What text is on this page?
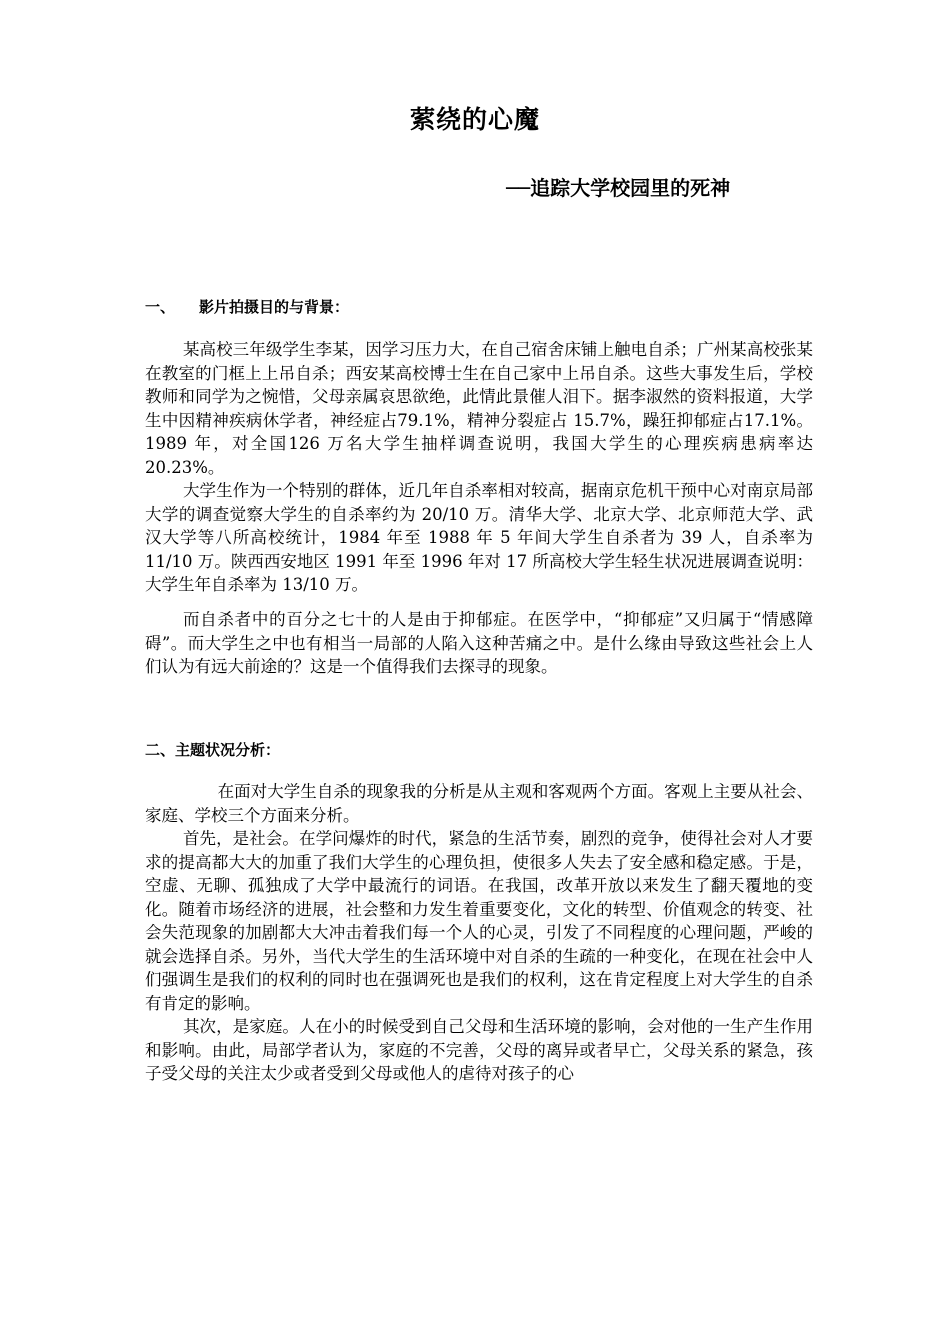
萦绕的心魔
──追踪大学校园里的死神
一、 影片拍摄目的与背景：

某高校三年级学生李某，因学习压力大，在自己宿舍床铺上触电自杀；广州某高校张某在教室的门框上上吊自杀；西安某高校博士生在自己家中上吊自杀。这些大事发生后，学校教师和同学为之惋惜，父母亲属哀思欲绝，此情此景催人泪下。据李淑然的资料报道，大学生中因精神疾病休学者，神经症占79.1%，精神分裂症占 15.7%，躁狂抑郁症占17.1%。1989 年，对全国126 万名大学生抽样调查说明，我国大学生的心理疾病患病率达 20.23%。

大学生作为一个特别的群体，近几年自杀率相对较高，据南京危机干预中心对南京局部大学的调查觉察大学生的自杀率约为 20/10 万。清华大学、北京大学、北京师范大学、武汉大学等八所高校统计，1984 年至 1988 年 5 年间大学生自杀者为 39 人，自杀率为 11/10 万。陕西西安地区 1991 年至 1996 年对 17 所高校大学生轻生状况进展调查说明：大学生年自杀率为 13/10 万。

而自杀者中的百分之七十的人是由于抑郁症。在医学中，“抑郁症”又归属于“情感障碍”。而大学生之中也有相当一局部的人陷入这种苦痛之中。是什么缘由导致这些社会上人们认为有远大前途的？这是一个值得我们去探寻的现象。

二、主题状况分析：

在面对大学生自杀的现象我的分析是从主观和客观两个方面。客观上主要从社会、家庭、学校三个方面来分析。

首先，是社会。在学问爆炸的时代，紧急的生活节奏，剧烈的竞争，使得社会对人才要求的提高都大大的加重了我们大学生的心理负担，使很多人失去了安全感和稳定感。于是，空虚、无聊、孤独成了大学中最流行的词语。在我国，改革开放以来发生了翻天覆地的变化。随着市场经济的进展，社会整和力发生着重要变化，文化的转型、价值观念的转变、社会失范现象的加剧都大大冲击着我们每一个人的心灵，引发了不同程度的心理问题，严峻的就会选择自杀。另外，当代大学生的生活环境中对自杀的生疏的一种变化，在现在社会中人们强调生是我们的权利的同时也在强调死也是我们的权利，这在肯定程度上对大学生的自杀有肯定的影响。

其次，是家庭。人在小的时候受到自己父母和生活环境的影响，会对他的一生产生作用和影响。由此，局部学者认为，家庭的不完善，父母的离异或者早亡，父母关系的紧急，孩子受父母的关注太少或者受到父母或他人的虐待对孩子的心
